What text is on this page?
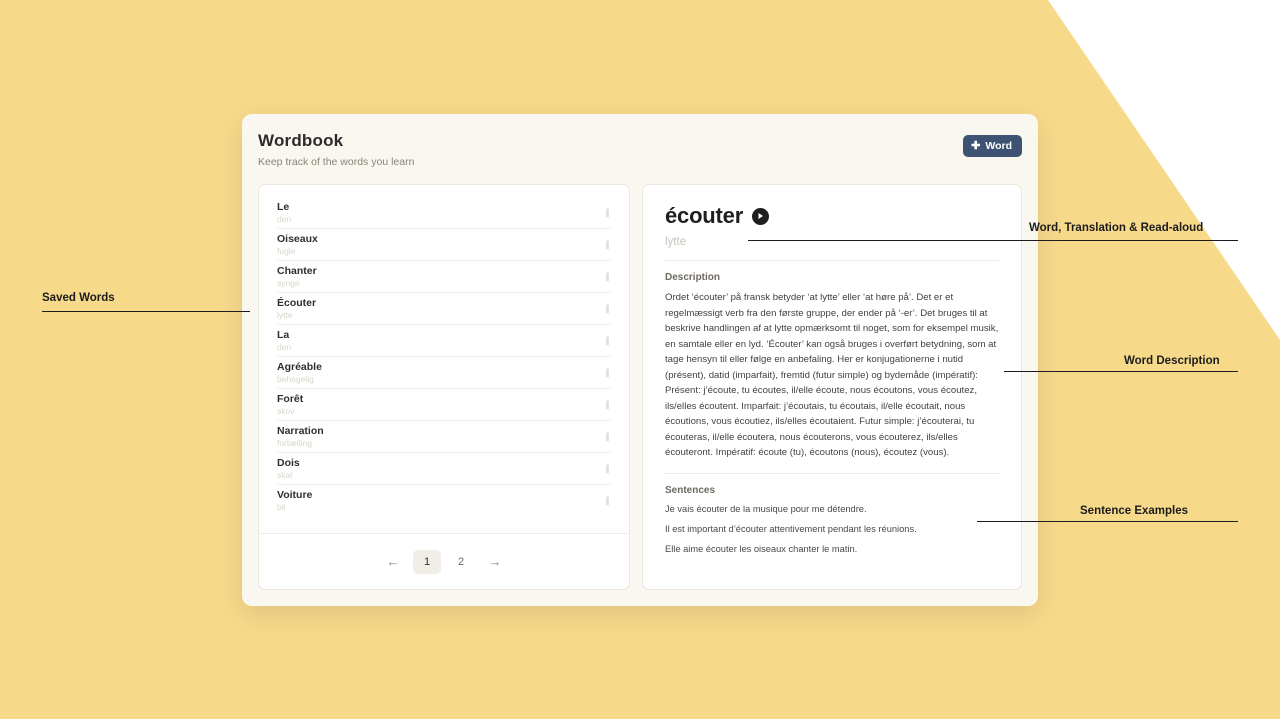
Wordbook
Keep track of the words you learn
✚ Word
Le
den
Oiseaux
fugle
Chanter
synge
Écouter
lytte
La
den
Agréable
behagelig
Forêt
skov
Narration
fortælling
Dois
skal
Voiture
bil
←	1	2	→
écouter
lytte
Description
Ordet ‘écouter’ på fransk betyder ‘at lytte’ eller ‘at høre på’. Det er et regelmæssigt verb fra den første gruppe, der ender på ‘-er’. Det bruges til at beskrive handlingen af at lytte opmærksomt til noget, som for eksempel musik, en samtale eller en lyd. ‘Écouter’ kan også bruges i overført betydning, som at tage hensyn til eller følge en anbefaling. Her er konjugationerne i nutid (présent), datid (imparfait), fremtid (futur simple) og bydemåde (impératif): Présent: j’écoute, tu écoutes, il/elle écoute, nous écoutons, vous écoutez, ils/elles écoutent. Imparfait: j’écoutais, tu écoutais, il/elle écoutait, nous écoutions, vous écoutiez, ils/elles écoutaient. Futur simple: j’écouterai, tu écouteras, il/elle écoutera, nous écouterons, vous écouterez, ils/elles écouteront. Impératif: écoute (tu), écoutons (nous), écoutez (vous).
Sentences
Je vais écouter de la musique pour me détendre.
Il est important d’écouter attentivement pendant les réunions.
Elle aime écouter les oiseaux chanter le matin.
Saved Words
Word, Translation & Read-aloud
Word Description
Sentence Examples
